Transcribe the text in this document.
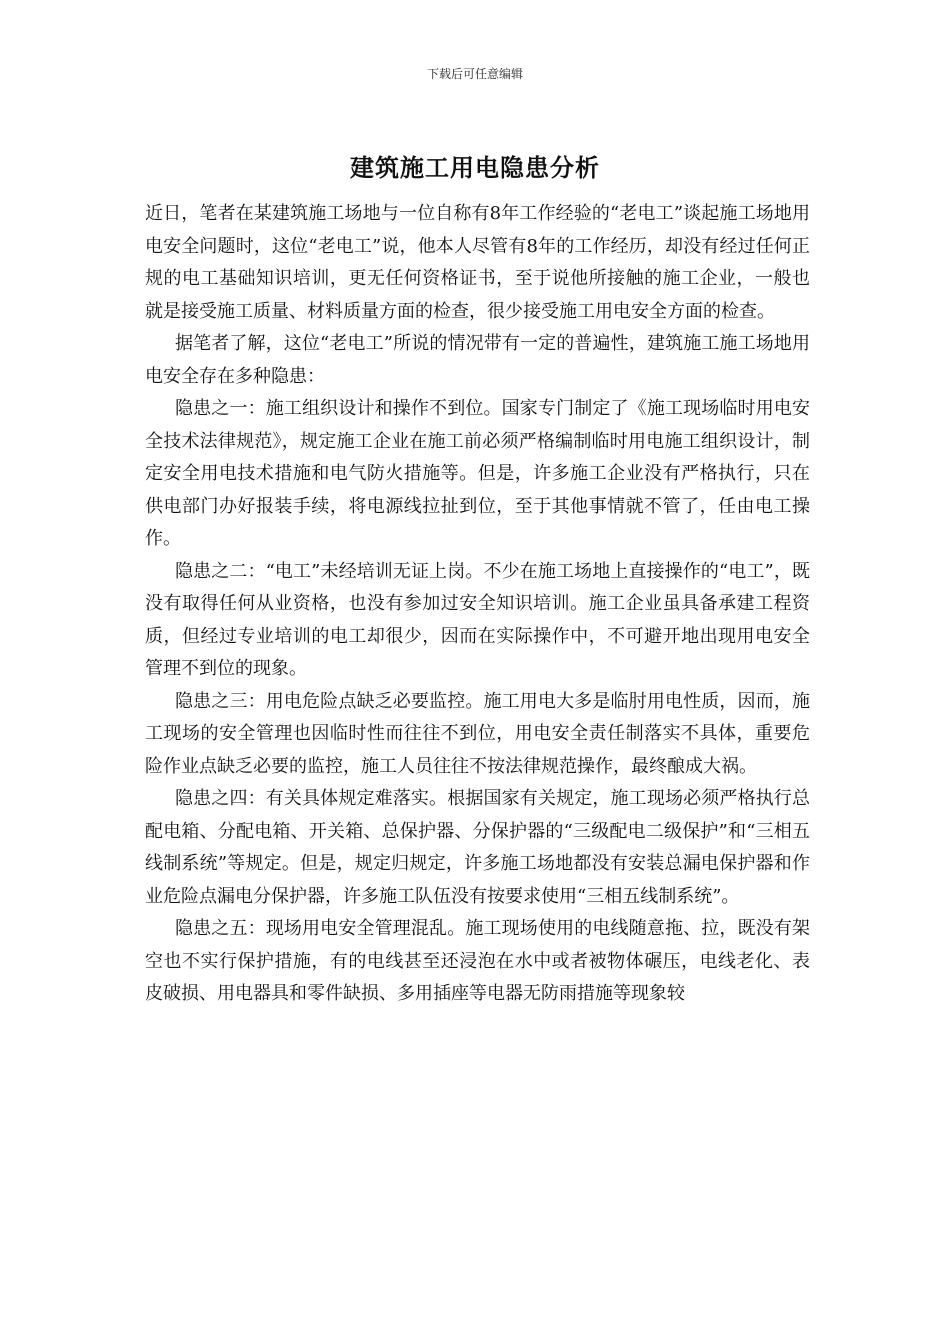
下载后可任意编辑
建筑施工用电隐患分析

近日，笔者在某建筑施工场地与一位自称有8年工作经验的“老电工”谈起施工场地用电安全问题时，这位“老电工”说，他本人尽管有8年的工作经历，却没有经过任何正规的电工基础知识培训，更无任何资格证书，至于说他所接触的施工企业，一般也就是接受施工质量、材料质量方面的检查，很少接受施工用电安全方面的检查。

据笔者了解，这位“老电工”所说的情况带有一定的普遍性，建筑施工施工场地用电安全存在多种隐患：

隐患之一：施工组织设计和操作不到位。国家专门制定了《施工现场临时用电安全技术法律规范》，规定施工企业在施工前必须严格编制临时用电施工组织设计，制定安全用电技术措施和电气防火措施等。但是，许多施工企业没有严格执行，只在供电部门办好报装手续，将电源线拉扯到位，至于其他事情就不管了，任由电工操作。

隐患之二：“电工”未经培训无证上岗。不少在施工场地上直接操作的“电工”，既没有取得任何从业资格，也没有参加过安全知识培训。施工企业虽具备承建工程资质，但经过专业培训的电工却很少，因而在实际操作中，不可避开地出现用电安全管理不到位的现象。

隐患之三：用电危险点缺乏必要监控。施工用电大多是临肘用电性质，因而，施工现场的安全管理也因临时性而往往不到位，用电安全责任制落实不具体，重要危险作业点缺乏必要的监控，施工人员往往不按法律规范操作，最终酿成大祸。

隐患之四：有关具体规定难落实。根据国家有关规定，施工现场必须严格执行总配电箱、分配电箱、开关箱、总保护器、分保护器的“三级配电二级保护”和“三相五线制系统”等规定。但是，规定归规定，许多施工场地都没有安装总漏电保护器和作业危险点漏电分保护器，许多施工队伍没有按要求使用“三相五线制系统”。

隐患之五：现场用电安全管理混乱。施工现场使用的电线随意拖、拉，既没有架空也不实行保护措施，有的电线甚至还浸泡在水中或者被物体碾压，电线老化、表皮破损、用电器具和零件缺损、多用插座等电器无防雨措施等现象较
